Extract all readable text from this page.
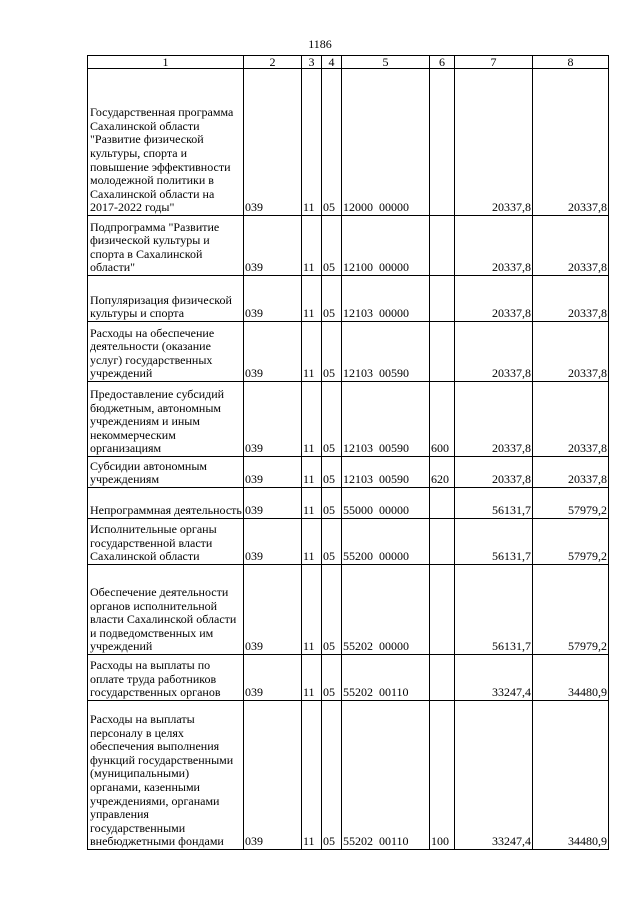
1186
1	2	3	4	5	6	7	8
Государственная программа Сахалинской области "Развитие физической культуры, спорта и повышение эффективности молодежной политики в Сахалинской области на 2017-2022 годы"	039	11	05	12000 00000		20337,8	20337,8
Подпрограмма "Развитие физической культуры и спорта в Сахалинской области"	039	11	05	12100 00000		20337,8	20337,8
Популяризация физической культуры и спорта	039	11	05	12103 00000		20337,8	20337,8
Расходы на обеспечение деятельности (оказание услуг) государственных учреждений	039	11	05	12103 00590		20337,8	20337,8
Предоставление субсидий бюджетным, автономным учреждениям и иным некоммерческим организациям	039	11	05	12103 00590	600	20337,8	20337,8
Субсидии автономным учреждениям	039	11	05	12103 00590	620	20337,8	20337,8
Непрограммная деятельность	039	11	05	55000 00000		56131,7	57979,2
Исполнительные органы государственной власти Сахалинской области	039	11	05	55200 00000		56131,7	57979,2
Обеспечение деятельности органов исполнительной власти Сахалинской области и подведомственных им учреждений	039	11	05	55202 00000		56131,7	57979,2
Расходы на выплаты по оплате труда работников государственных органов	039	11	05	55202 00110		33247,4	34480,9
Расходы на выплаты персоналу в целях обеспечения выполнения функций государственными (муниципальными) органами, казенными учреждениями, органами управления государственными внебюджетными фондами	039	11	05	55202 00110	100	33247,4	34480,9
